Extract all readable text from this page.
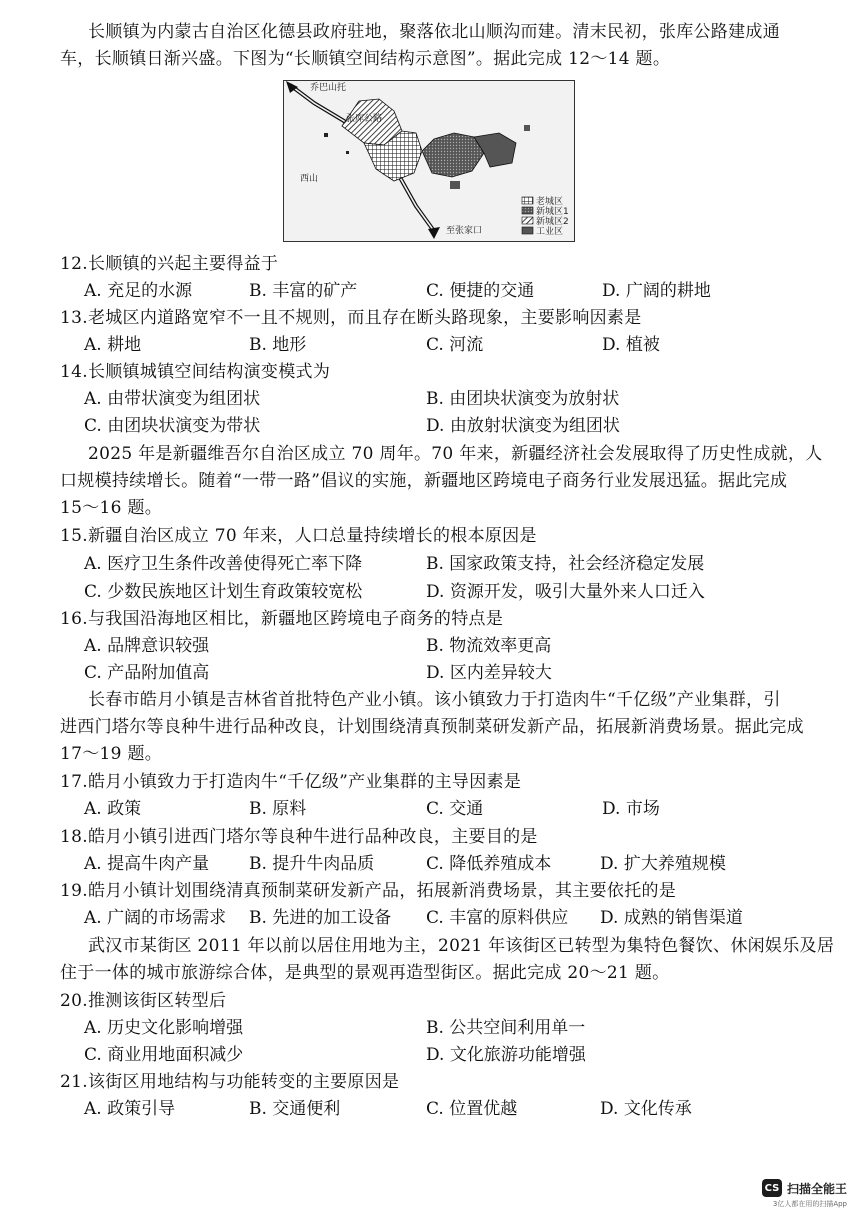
长顺镇为内蒙古自治区化德县政府驻地，聚落依北山顺沟而建。清末民初，张库公路建成通
车，长顺镇日渐兴盛。下图为“长顺镇空间结构示意图”。据此完成 12～14 题。
乔巴山托
张库公路
西山
至张家口
老城区
新城区1
新城区2
工业区
12.长顺镇的兴起主要得益于
A. 充足的水源	B. 丰富的矿产	C. 便捷的交通	D. 广阔的耕地
13.老城区内道路宽窄不一且不规则，而且存在断头路现象，主要影响因素是
A. 耕地	B. 地形	C. 河流	D. 植被
14.长顺镇城镇空间结构演变模式为
A. 由带状演变为组团状	B. 由团块状演变为放射状
C. 由团块状演变为带状	D. 由放射状演变为组团状
2025 年是新疆维吾尔自治区成立 70 周年。70 年来，新疆经济社会发展取得了历史性成就，人
口规模持续增长。随着“一带一路”倡议的实施，新疆地区跨境电子商务行业发展迅猛。据此完成
15～16 题。
15.新疆自治区成立 70 年来，人口总量持续增长的根本原因是
A. 医疗卫生条件改善使得死亡率下降	B. 国家政策支持，社会经济稳定发展
C. 少数民族地区计划生育政策较宽松	D. 资源开发，吸引大量外来人口迁入
16.与我国沿海地区相比，新疆地区跨境电子商务的特点是
A. 品牌意识较强	B. 物流效率更高
C. 产品附加值高	D. 区内差异较大
长春市皓月小镇是吉林省首批特色产业小镇。该小镇致力于打造肉牛“千亿级”产业集群，引
进西门塔尔等良种牛进行品种改良，计划围绕清真预制菜研发新产品，拓展新消费场景。据此完成
17～19 题。
17.皓月小镇致力于打造肉牛“千亿级”产业集群的主导因素是
A. 政策	B. 原料	C. 交通	D. 市场
18.皓月小镇引进西门塔尔等良种牛进行品种改良，主要目的是
A. 提高牛肉产量 B. 提升牛肉品质	C. 降低养殖成本	D. 扩大养殖规模
19.皓月小镇计划围绕清真预制菜研发新产品，拓展新消费场景，其主要依托的是
A. 广阔的市场需求 B. 先进的加工设备 C. 丰富的原料供应 D. 成熟的销售渠道
武汉市某街区 2011 年以前以居住用地为主，2021 年该街区已转型为集特色餐饮、休闲娱乐及居
住于一体的城市旅游综合体，是典型的景观再造型街区。据此完成 20～21 题。
20.推测该街区转型后
A. 历史文化影响增强	B. 公共空间利用单一
C. 商业用地面积减少	D. 文化旅游功能增强
21.该街区用地结构与功能转变的主要原因是
A. 政策引导	B. 交通便利	C. 位置优越	D. 文化传承
CS 扫描全能王
3亿人都在用的扫描App
